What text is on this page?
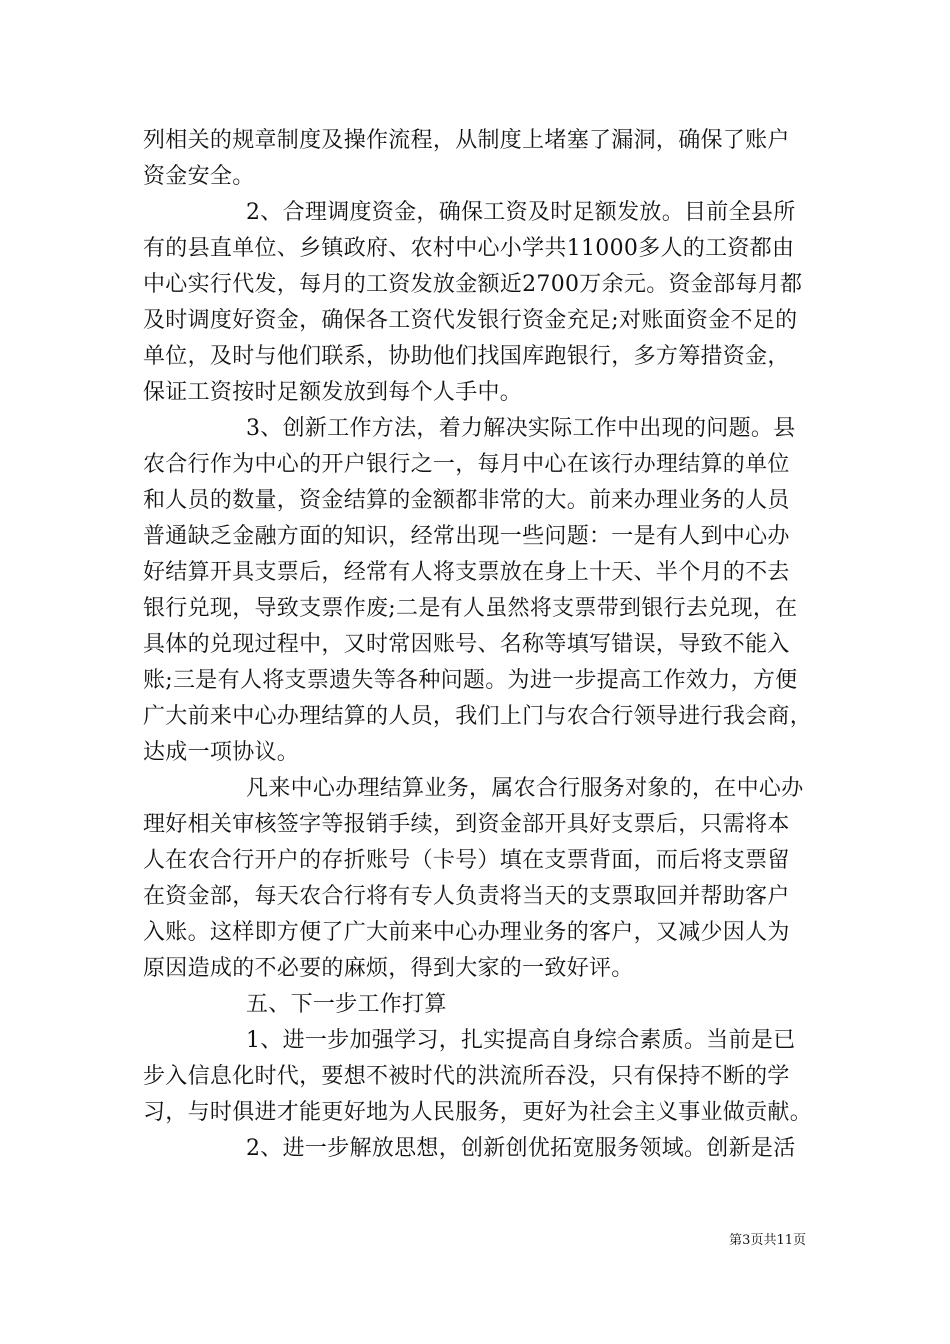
列相关的规章制度及操作流程，从制度上堵塞了漏洞，确保了账户
资金安全。
2、合理调度资金，确保工资及时足额发放。目前全县所
有的县直单位、乡镇政府、农村中心小学共11000多人的工资都由
中心实行代发，每月的工资发放金额近2700万余元。资金部每月都
及时调度好资金，确保各工资代发银行资金充足;对账面资金不足的
单位，及时与他们联系，协助他们找国库跑银行，多方筹措资金，
保证工资按时足额发放到每个人手中。
3、创新工作方法，着力解决实际工作中出现的问题。县
农合行作为中心的开户银行之一，每月中心在该行办理结算的单位
和人员的数量，资金结算的金额都非常的大。前来办理业务的人员
普通缺乏金融方面的知识，经常出现一些问题：一是有人到中心办
好结算开具支票后，经常有人将支票放在身上十天、半个月的不去
银行兑现，导致支票作废;二是有人虽然将支票带到银行去兑现，在
具体的兑现过程中，又时常因账号、名称等填写错误，导致不能入
账;三是有人将支票遗失等各种问题。为进一步提高工作效力，方便
广大前来中心办理结算的人员，我们上门与农合行领导进行我会商，
达成一项协议。
凡来中心办理结算业务，属农合行服务对象的，在中心办
理好相关审核签字等报销手续，到资金部开具好支票后，只需将本
人在农合行开户的存折账号（卡号）填在支票背面，而后将支票留
在资金部，每天农合行将有专人负责将当天的支票取回并帮助客户
入账。这样即方便了广大前来中心办理业务的客户，又减少因人为
原因造成的不必要的麻烦，得到大家的一致好评。
五、下一步工作打算
1、进一步加强学习，扎实提高自身综合素质。当前是已
步入信息化时代，要想不被时代的洪流所吞没，只有保持不断的学
习，与时俱进才能更好地为人民服务，更好为社会主义事业做贡献。
2、进一步解放思想，创新创优拓宽服务领域。创新是活
第3页共11页
